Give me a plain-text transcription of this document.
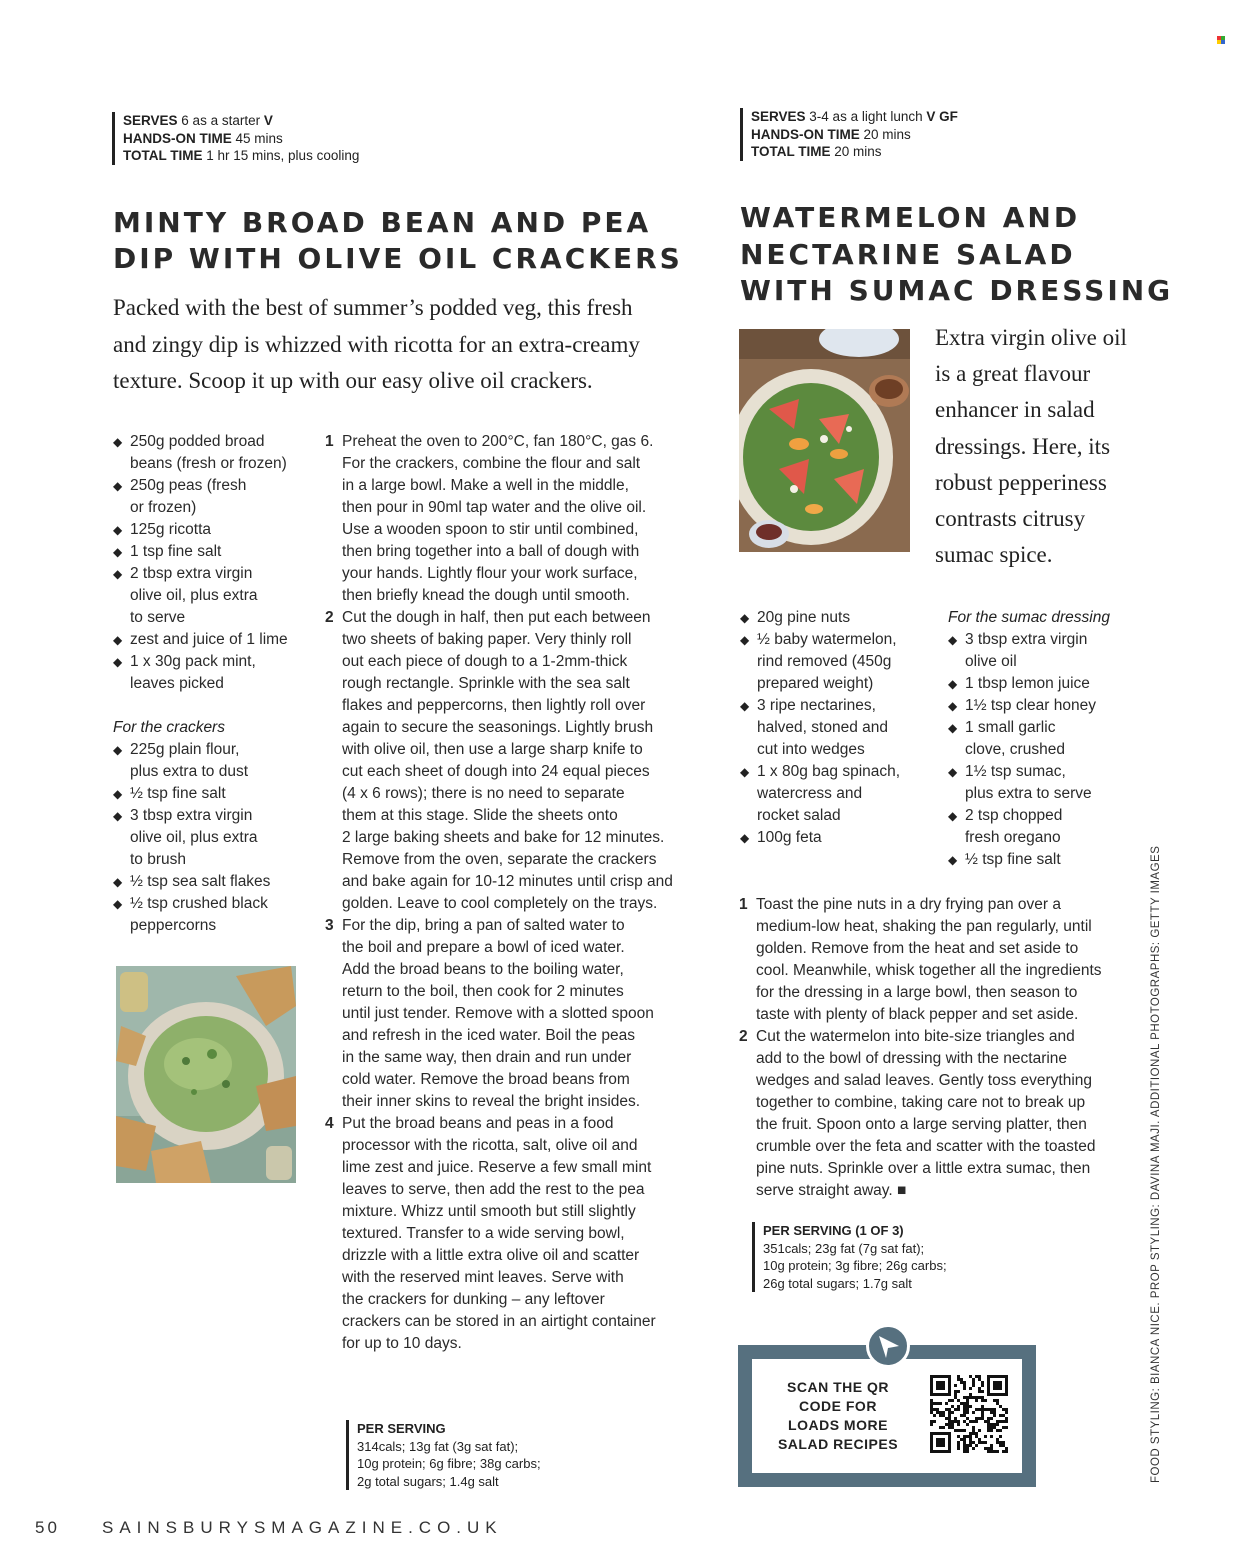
SERVES 6 as a starter V
HANDS-ON TIME 45 mins
TOTAL TIME 1 hr 15 mins, plus cooling
MINTY BROAD BEAN AND PEA
DIP WITH OLIVE OIL CRACKERS
Packed with the best of summer’s podded veg, this fresh
and zingy dip is whizzed with ricotta for an extra-creamy
texture. Scoop it up with our easy olive oil crackers.
◆ 250g podded broad
beans (fresh or frozen)
◆ 250g peas (fresh
or frozen)
◆ 125g ricotta
◆ 1 tsp fine salt
◆ 2 tbsp extra virgin
olive oil, plus extra
to serve
◆ zest and juice of 1 lime
◆ 1 x 30g pack mint,
leaves picked
For the crackers
◆ 225g plain flour,
plus extra to dust
◆ ½ tsp fine salt
◆ 3 tbsp extra virgin
olive oil, plus extra
to brush
◆ ½ tsp sea salt flakes
◆ ½ tsp crushed black
peppercorns
1 Preheat the oven to 200°C, fan 180°C, gas 6.
For the crackers, combine the flour and salt
in a large bowl. Make a well in the middle,
then pour in 90ml tap water and the olive oil.
Use a wooden spoon to stir until combined,
then bring together into a ball of dough with
your hands. Lightly flour your work surface,
then briefly knead the dough until smooth.
2 Cut the dough in half, then put each between
two sheets of baking paper. Very thinly roll
out each piece of dough to a 1-2mm-thick
rough rectangle. Sprinkle with the sea salt
flakes and peppercorns, then lightly roll over
again to secure the seasonings. Lightly brush
with olive oil, then use a large sharp knife to
cut each sheet of dough into 24 equal pieces
(4 x 6 rows); there is no need to separate
them at this stage. Slide the sheets onto
2 large baking sheets and bake for 12 minutes.
Remove from the oven, separate the crackers
and bake again for 10-12 minutes until crisp and
golden. Leave to cool completely on the trays.
3 For the dip, bring a pan of salted water to
the boil and prepare a bowl of iced water.
Add the broad beans to the boiling water,
return to the boil, then cook for 2 minutes
until just tender. Remove with a slotted spoon
and refresh in the iced water. Boil the peas
in the same way, then drain and run under
cold water. Remove the broad beans from
their inner skins to reveal the bright insides.
4 Put the broad beans and peas in a food
processor with the ricotta, salt, olive oil and
lime zest and juice. Reserve a few small mint
leaves to serve, then add the rest to the pea
mixture. Whizz until smooth but still slightly
textured. Transfer to a wide serving bowl,
drizzle with a little extra olive oil and scatter
with the reserved mint leaves. Serve with
the crackers for dunking – any leftover
crackers can be stored in an airtight container
for up to 10 days.
PER SERVING
314cals; 13g fat (3g sat fat);
10g protein; 6g fibre; 38g carbs;
2g total sugars; 1.4g salt
SERVES 3-4 as a light lunch V GF
HANDS-ON TIME 20 mins
TOTAL TIME 20 mins
WATERMELON AND
NECTARINE SALAD
WITH SUMAC DRESSING
Extra virgin olive oil
is a great flavour
enhancer in salad
dressings. Here, its
robust pepperiness
contrasts citrusy
sumac spice.
◆ 20g pine nuts
◆ ½ baby watermelon,
rind removed (450g
prepared weight)
◆ 3 ripe nectarines,
halved, stoned and
cut into wedges
◆ 1 x 80g bag spinach,
watercress and
rocket salad
◆ 100g feta
For the sumac dressing
◆ 3 tbsp extra virgin
olive oil
◆ 1 tbsp lemon juice
◆ 1½ tsp clear honey
◆ 1 small garlic
clove, crushed
◆ 1½ tsp sumac,
plus extra to serve
◆ 2 tsp chopped
fresh oregano
◆ ½ tsp fine salt
1 Toast the pine nuts in a dry frying pan over a
medium-low heat, shaking the pan regularly, until
golden. Remove from the heat and set aside to
cool. Meanwhile, whisk together all the ingredients
for the dressing in a large bowl, then season to
taste with plenty of black pepper and set aside.
2 Cut the watermelon into bite-size triangles and
add to the bowl of dressing with the nectarine
wedges and salad leaves. Gently toss everything
together to combine, taking care not to break up
the fruit. Spoon onto a large serving platter, then
crumble over the feta and scatter with the toasted
pine nuts. Sprinkle over a little extra sumac, then
serve straight away. ■
PER SERVING (1 OF 3)
351cals; 23g fat (7g sat fat);
10g protein; 3g fibre; 26g carbs;
26g total sugars; 1.7g salt
SCAN THE QR
CODE FOR
LOADS MORE
SALAD RECIPES	FOOD STYLING: BIANCA NICE. PROP STYLING: DAVINA MAJI. ADDITIONAL PHOTOGRAPHS: GETTY IMAGES
50 SAINSBURYSMAGAZINE.CO.UK
